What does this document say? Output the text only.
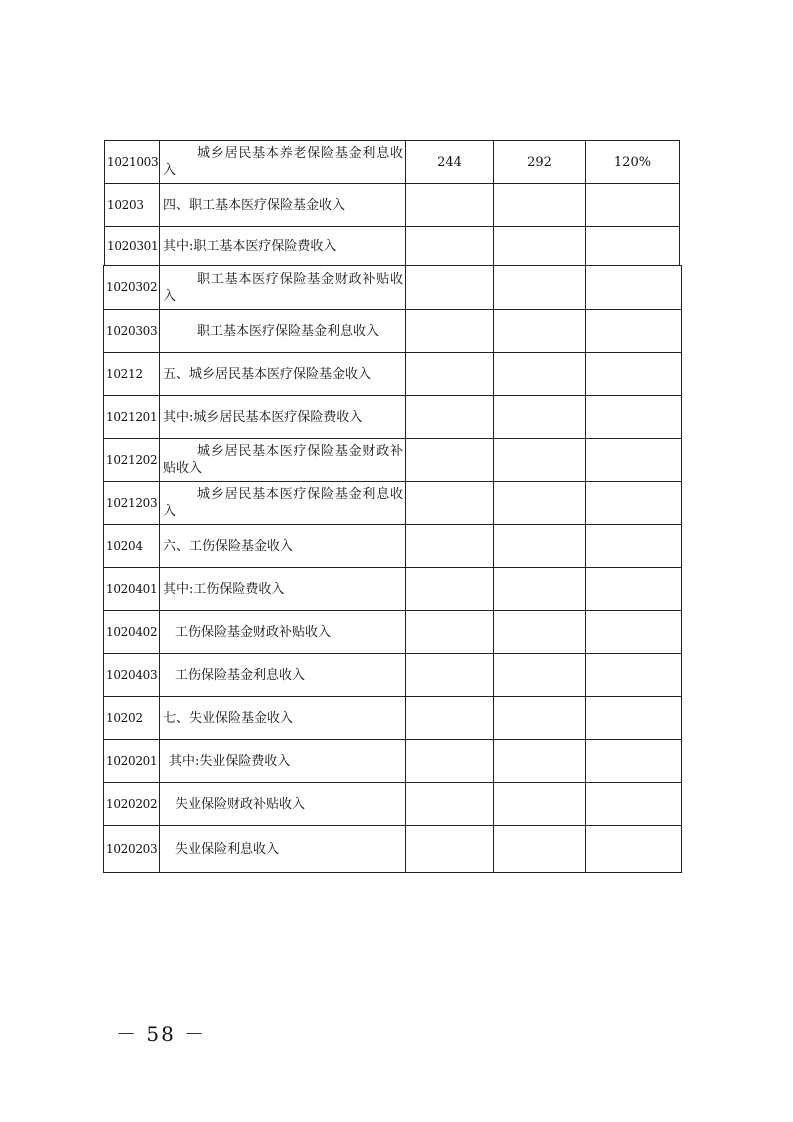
1021003	城乡居民基本养老保险基金利息收入	244	292	120%
10203	四、职工基本医疗保险基金收入			
1020301	其中:职工基本医疗保险费收入			
1020302	职工基本医疗保险基金财政补贴收入			

1020303	职工基本医疗保险基金利息收入			

10212	五、城乡居民基本医疗保险基金收入			
1021201	其中:城乡居民基本医疗保险费收入			
1021202	城乡居民基本医疗保险基金财政补贴收入			

1021203	城乡居民基本医疗保险基金利息收入			

10204	六、工伤保险基金收入			
1020401	其中:工伤保险费收入			
1020402	工伤保险基金财政补贴收入			
1020403	工伤保险基金利息收入			
10202	七、失业保险基金收入			
1020201	其中:失业保险费收入			
1020202	失业保险财政补贴收入			
1020203	失业保险利息收入			
－ 58 －
